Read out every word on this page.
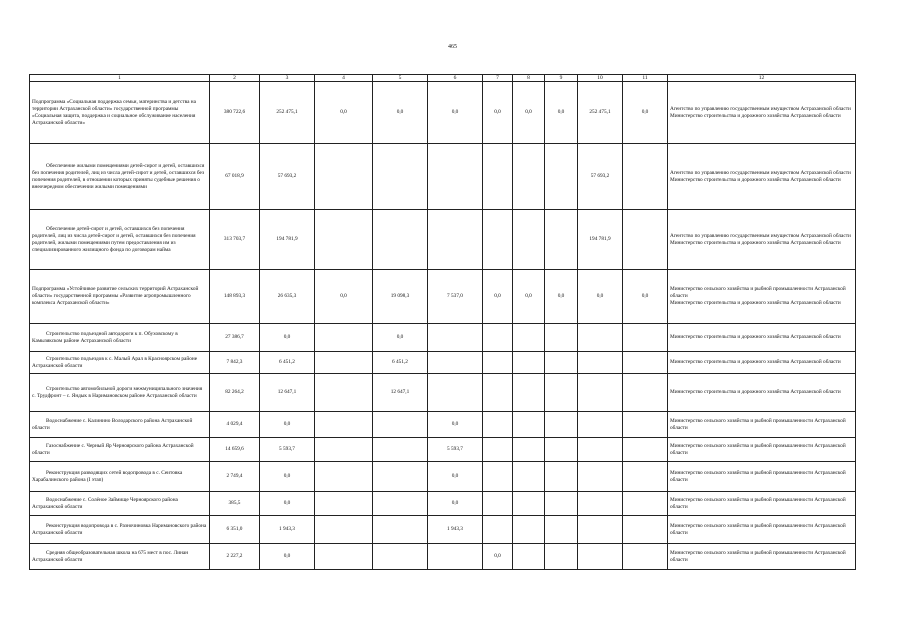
465
1	2	3	4	5	6	7	8	9	10	11	12
Подпрограмма «Социальная поддержка семьи, материнства и детства на территории Астраханской области» государственной программы «Социальная защита, поддержка и социальное обслуживание населения Астраханской области»	380 722,6	252 475,1	0,0	0,0	0,0	0,0	0,0	0,0	252 475,1	0,0	Агентство по управлению государственным имуществом Астраханской области
Министерство строительства и дорожного хозяйства Астраханской области
Обеспечение жилыми помещениями детей-сирот и детей, оставшихся без попечения родителей, лиц из числа детей-сирот и детей, оставшихся без попечения родителей, в отношении которых приняты судебные решения о внеочередном обеспечении жилыми помещениями	67 018,9	57 693,2							57 693,2		Агентство по управлению государственным имуществом Астраханской области
Министерство строительства и дорожного хозяйства Астраханской области
Обеспечение детей-сирот и детей, оставшихся без попечения родителей, лиц из числа детей-сирот и детей, оставшихся без попечения родителей, жилыми помещениями путем предоставления им из специализированного жилищного фонда по договорам найма	313 703,7	194 781,9							194 781,9		Агентство по управлению государственным имуществом Астраханской области
Министерство строительства и дорожного хозяйства Астраханской области
Подпрограмма «Устойчивое развитие сельских территорий Астраханской области» государственной программы «Развитие агропромышленного комплекса Астраханской области»	148 893,3	26 635,3	0,0	19 098,3	7 537,0	0,0	0,0	0,0	0,0	0,0	Министерство сельского хозяйства и рыбной промышленности Астраханской области
Министерство строительства и дорожного хозяйства Астраханской области
Строительство подъездной автодороги к п. Обуховскому в Камызякском районе Астраханской области	27 386,7	0,0		0,0							Министерство строительства и дорожного хозяйства Астраханской области
Строительство подъездов к с. Малый Арал в Красноярском районе Астраханской области	7 842,3	6 451,2		6 451,2							Министерство строительства и дорожного хозяйства Астраханской области
Строительство автомобильной дороги межмуниципального значения с. Трудфронт – с. Яндык в Наримановском районе Астраханской области	82 264,2	12 647,1		12 647,1							Министерство строительства и дорожного хозяйства Астраханской области
Водоснабжение с. Калинино Володарского района Астраханской области	4 029,4	0,0			0,0						Министерство сельского хозяйства и рыбной промышленности Астраханской области
Газоснабжение с. Черный Яр Черноярского района Астраханской области	14 659,6	5 593,7			5 593,7						Министерство сельского хозяйства и рыбной промышленности Астраханской области
Реконструкция разводящих сетей водопровода в с. Сеитовка Харабалинского района (I этап)	2 749,4	0,0			0,0						Министерство сельского хозяйства и рыбной промышленности Астраханской области
Водоснабжение с. Солёное Займище Черноярского района Астраханской области	385,5	0,0			0,0						Министерство сельского хозяйства и рыбной промышленности Астраханской области
Реконструкция водопровода в с. Разночиновка Наримановского района Астраханской области	6 351,0	1 943,3			1 943,3						Министерство сельского хозяйства и рыбной промышленности Астраханской области
Средняя общеобразовательная школа на 675 мест в пос. Линан Астраханской области	2 227,2	0,0				0,0					Министерство сельского хозяйства и рыбной промышленности Астраханской области
